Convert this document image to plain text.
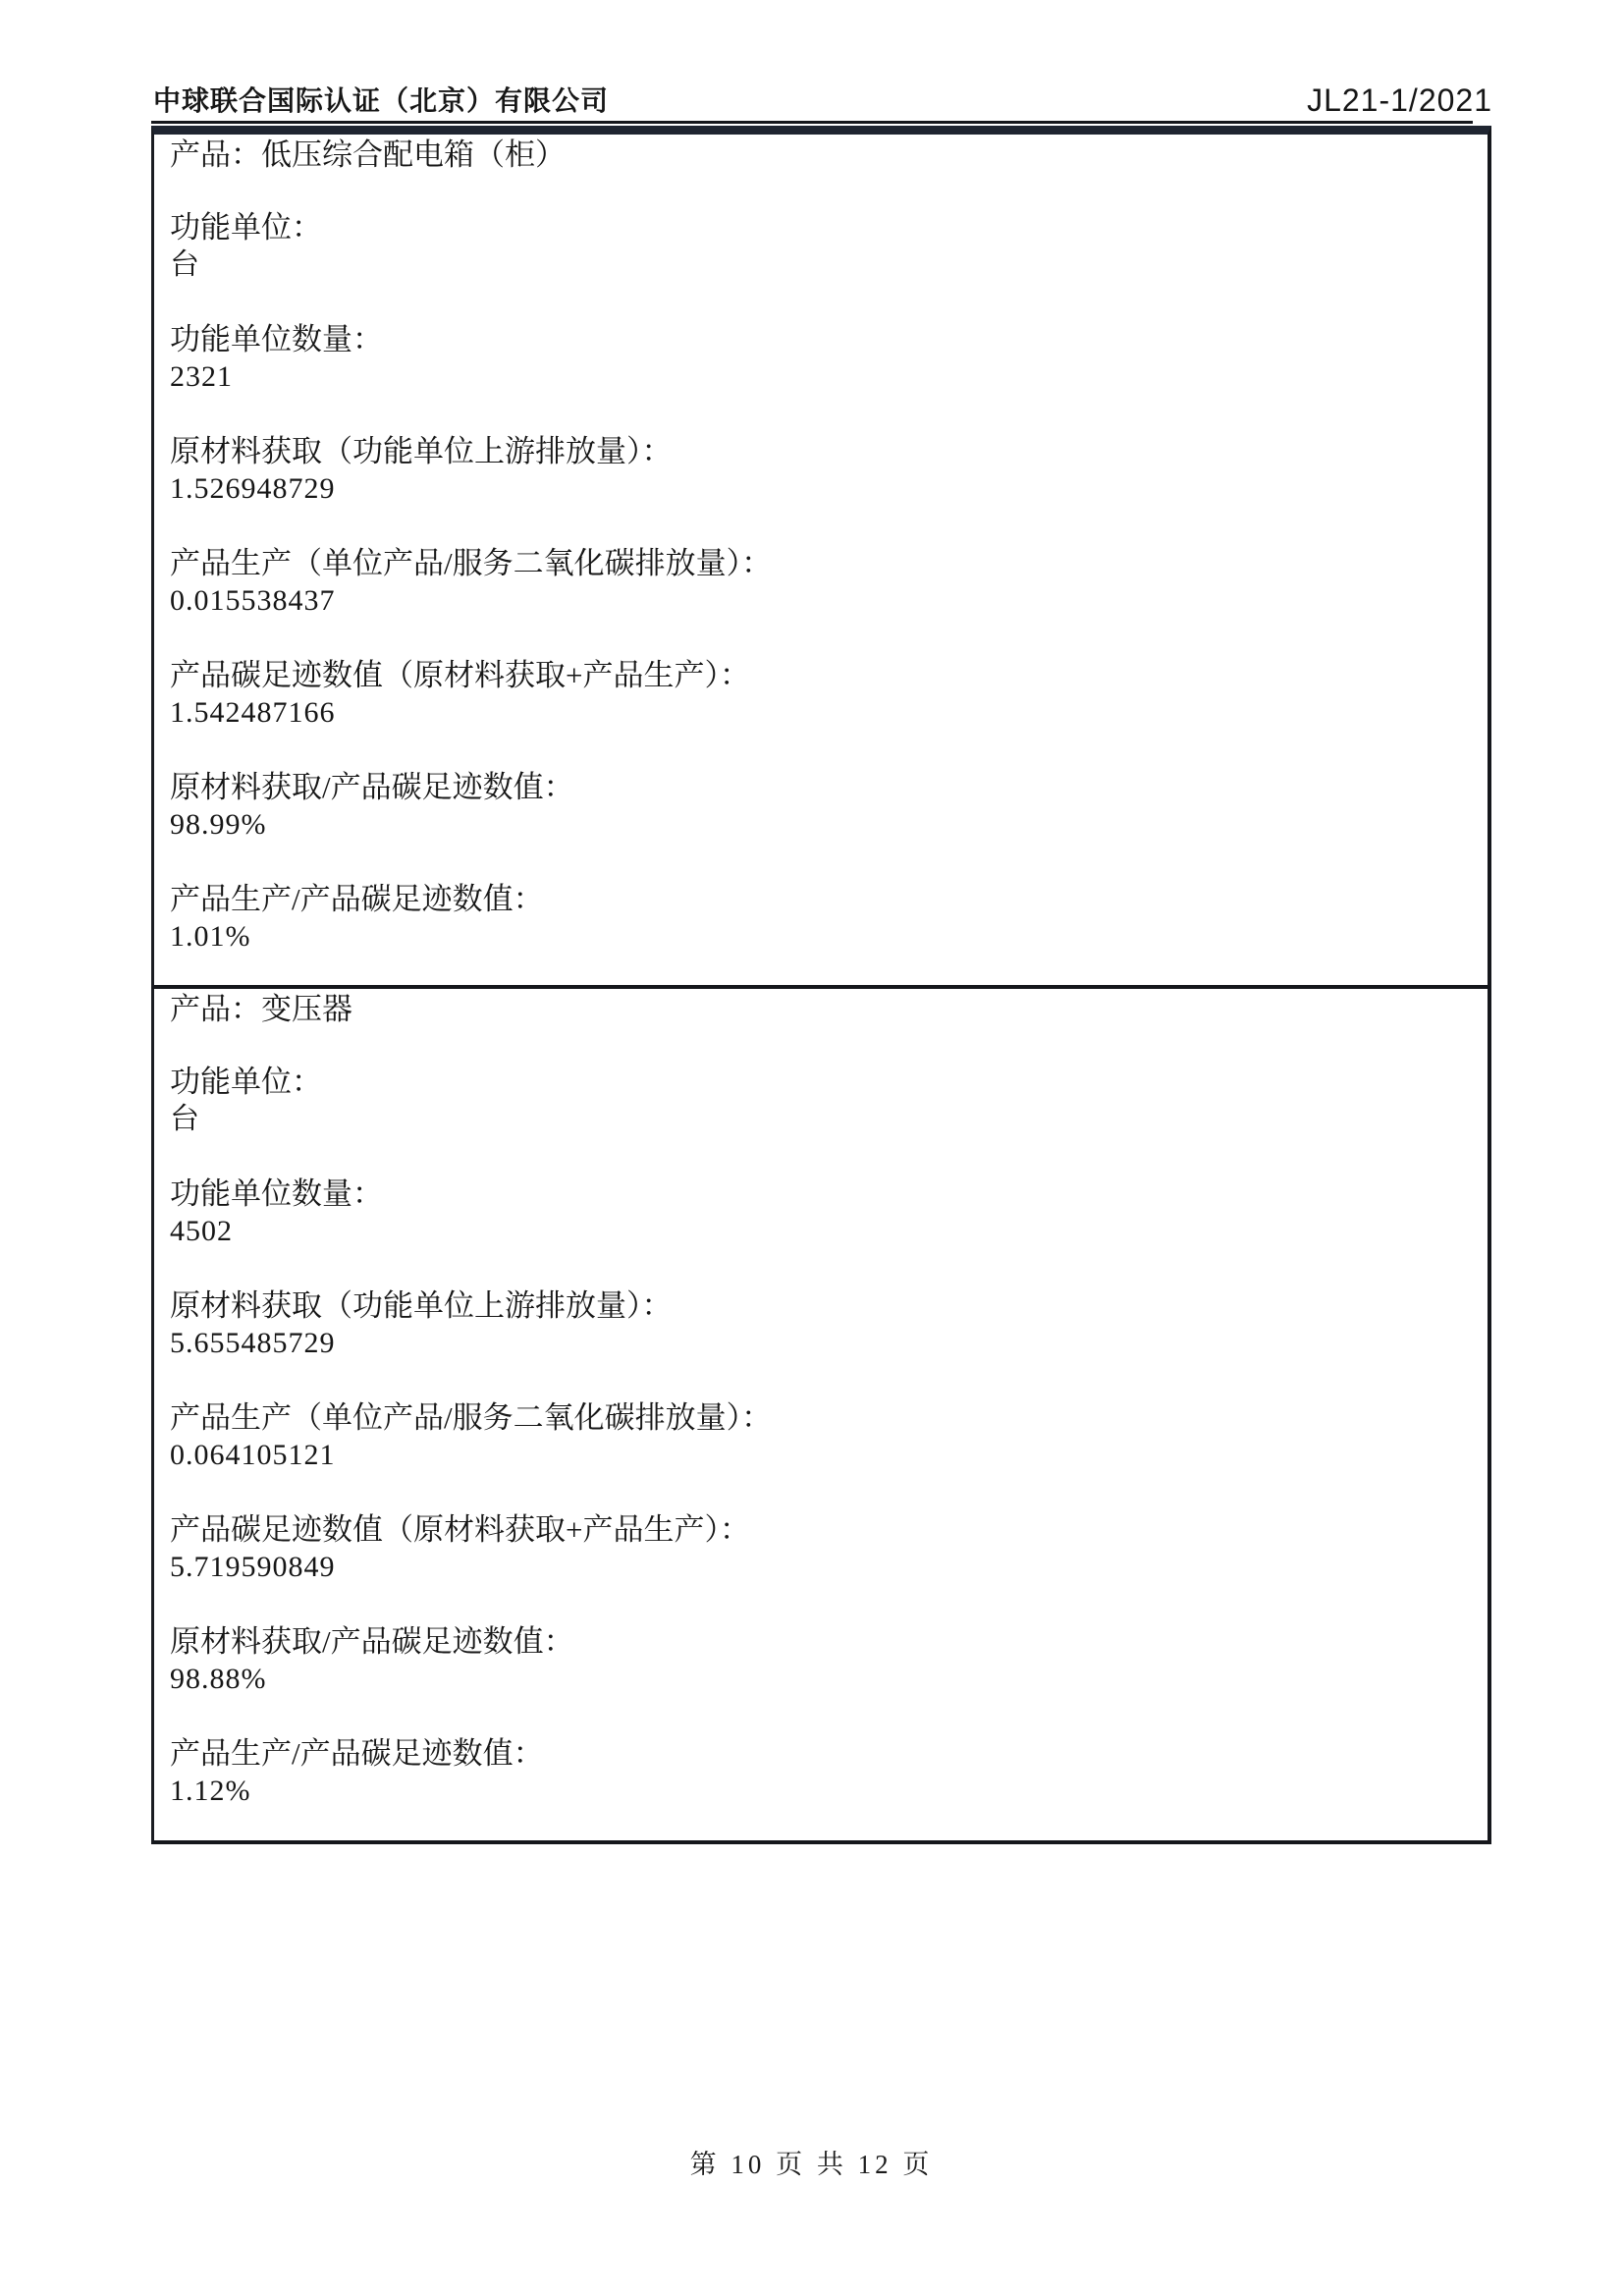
中球联合国际认证（北京）有限公司	JL21-1/2021
产品：低压综合配电箱（柜）
功能单位：
台
功能单位数量：
2321
原材料获取（功能单位上游排放量）：
1.526948729
产品生产（单位产品/服务二氧化碳排放量）：
0.015538437
产品碳足迹数值（原材料获取+产品生产）：
1.542487166
原材料获取/产品碳足迹数值：
98.99%
产品生产/产品碳足迹数值：
1.01%
产品：变压器
功能单位：
台
功能单位数量：
4502
原材料获取（功能单位上游排放量）：
5.655485729
产品生产（单位产品/服务二氧化碳排放量）：
0.064105121
产品碳足迹数值（原材料获取+产品生产）：
5.719590849
原材料获取/产品碳足迹数值：
98.88%
产品生产/产品碳足迹数值：
1.12%
第 10 页 共 12 页
